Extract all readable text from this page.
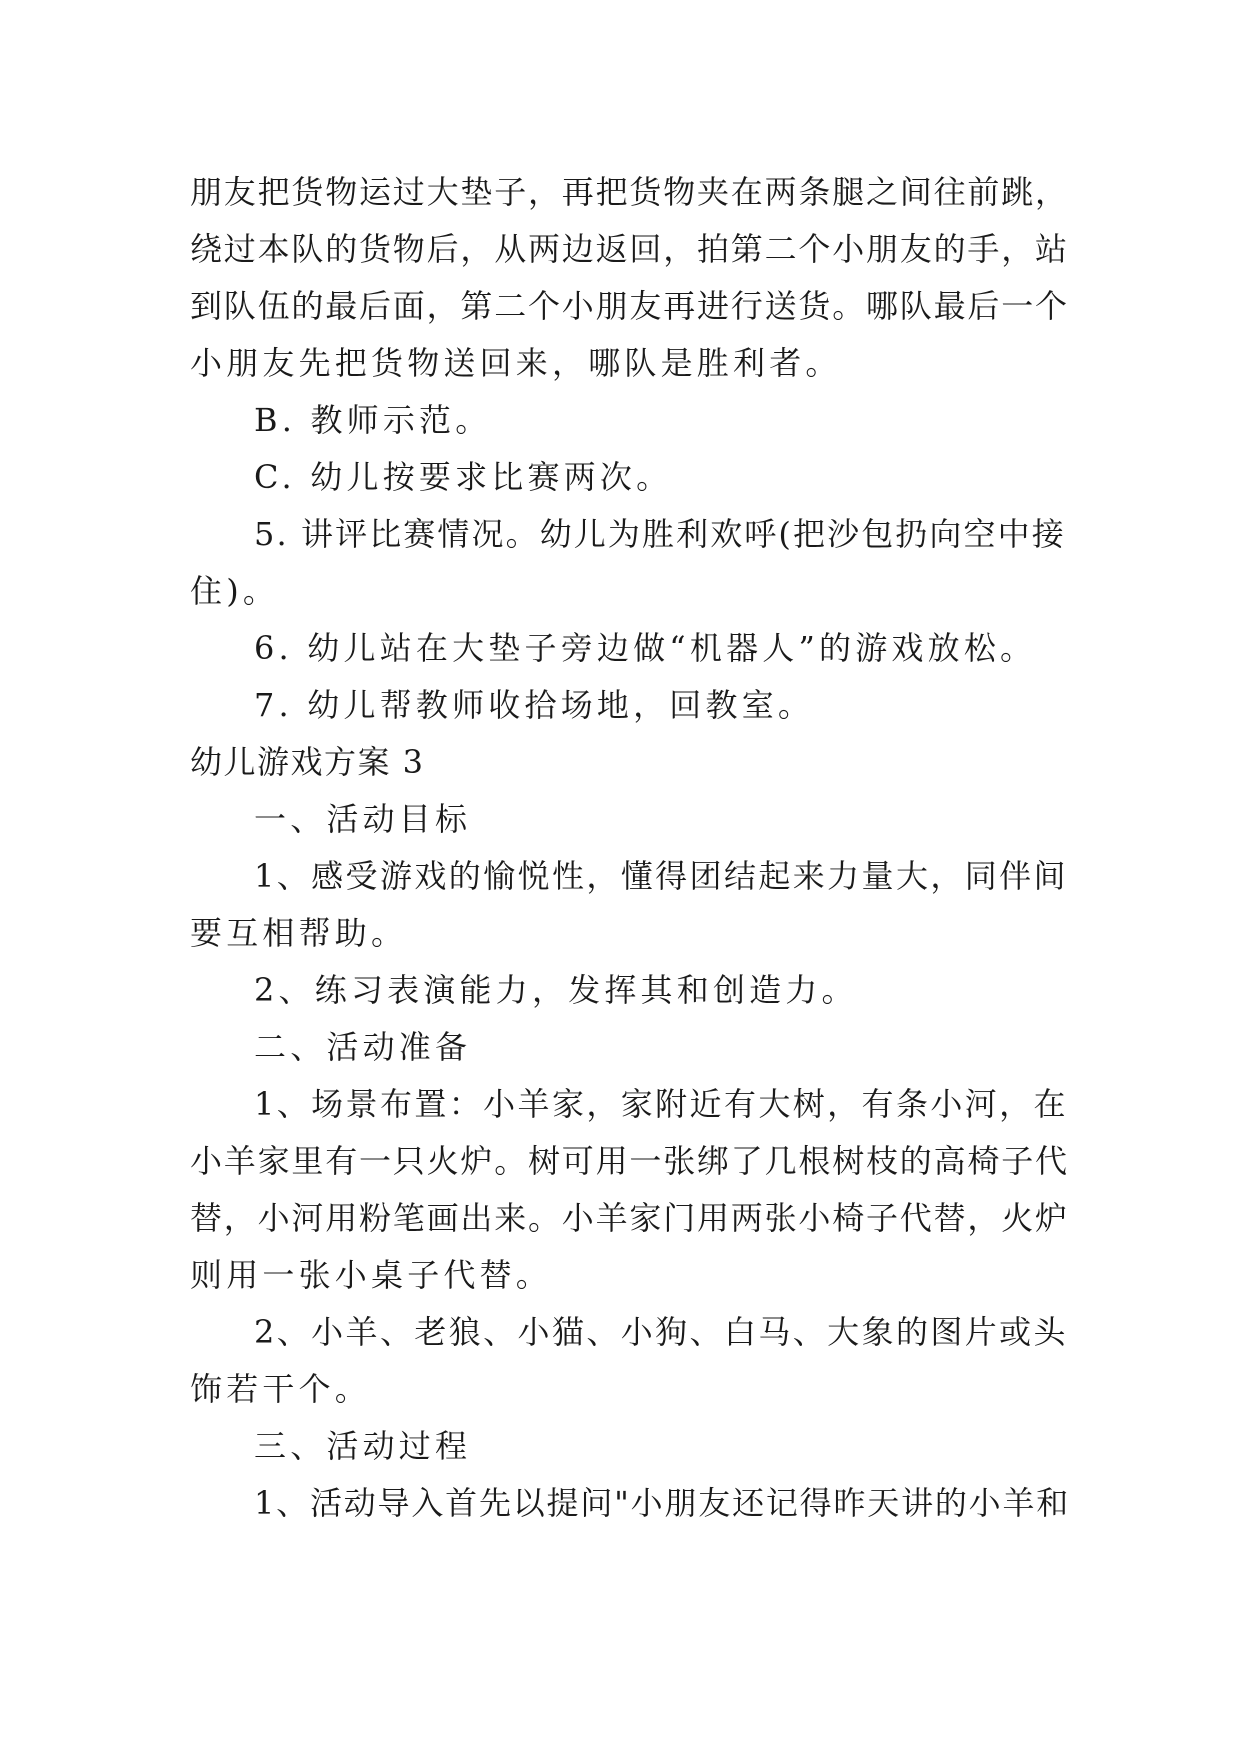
朋友把货物运过大垫子，再把货物夹在两条腿之间往前跳，
绕过本队的货物后，从两边返回，拍第二个小朋友的手，站
到队伍的最后面，第二个小朋友再进行送货。哪队最后一个
小朋友先把货物送回来，哪队是胜利者。
B. 教师示范。
C. 幼儿按要求比赛两次。
5. 讲评比赛情况。幼儿为胜利欢呼(把沙包扔向空中接
住)。
6. 幼儿站在大垫子旁边做“机器人”的游戏放松。
7. 幼儿帮教师收拾场地，回教室。
幼儿游戏方案 3
一、活动目标
1、感受游戏的愉悦性，懂得团结起来力量大，同伴间
要互相帮助。
2、练习表演能力，发挥其和创造力。
二、活动准备
1、场景布置：小羊家，家附近有大树，有条小河，在
小羊家里有一只火炉。树可用一张绑了几根树枝的高椅子代
替，小河用粉笔画出来。小羊家门用两张小椅子代替，火炉
则用一张小桌子代替。
2、小羊、老狼、小猫、小狗、白马、大象的图片或头
饰若干个。
三、活动过程
1、活动导入首先以提问"小朋友还记得昨天讲的小羊和
